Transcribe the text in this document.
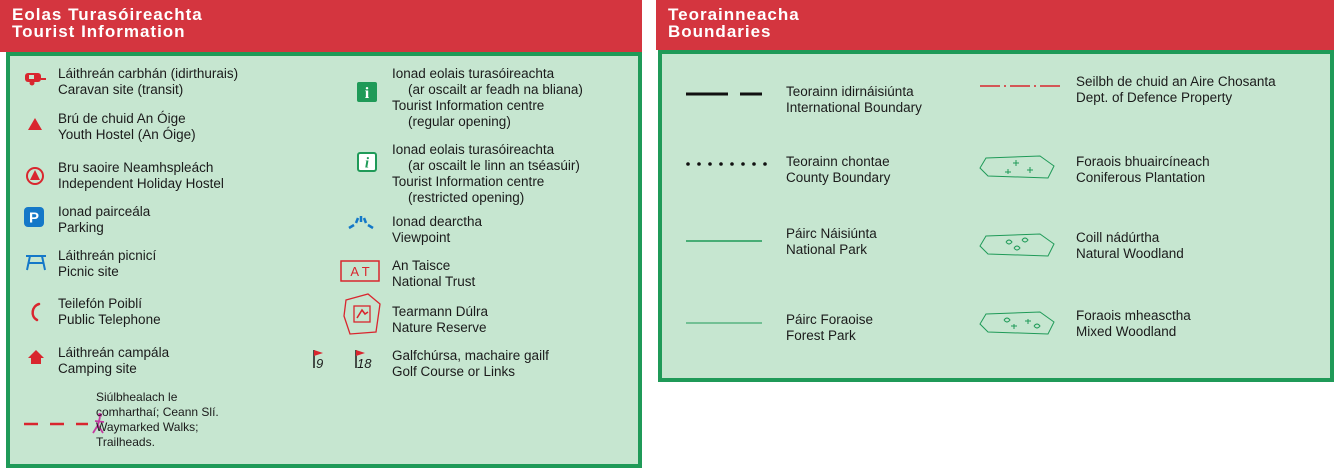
Eolas Turasóireachta
Tourist Information
Láithreán carbhán (idirthurais)
Caravan site (transit)
Brú de chuid An Óige
Youth Hostel (An Óige)
Bru saoire Neamhspleách
Independent Holiday Hostel
P Ionad pairceála
Parking
Láithreán picnicí
Picnic site
Teilefón Poiblí
Public Telephone
Láithreán campála
Camping site
Siúlbhealach le
comharthaí; Ceann Slí.
Waymarked Walks;
Trailheads.
i
Ionad eolais turasóireachta
(ar oscailt ar feadh na bliana)
Tourist Information centre
(regular opening)
i
Ionad eolais turasóireachta
(ar oscailt le linn an tséasúir)
Tourist Information centre
(restricted opening)
Ionad dearctha
Viewpoint
A T An Taisce
National Trust
Tearmann Dúlra
Nature Reserve
9	18
Galfchúrsa, machaire gailf
Golf Course or Links
Teorainneacha
Boundaries
Teorainn idirnáisiúnta
International Boundary
Teorainn chontae
County Boundary
Páirc Náisiúnta
National Park
Páirc Foraoise
Forest Park
Seilbh de chuid an Aire Chosanta
Dept. of Defence Property
Foraois bhuaircíneach
Coniferous Plantation
Coill nádúrtha
Natural Woodland
Foraois mheasctha
Mixed Woodland
